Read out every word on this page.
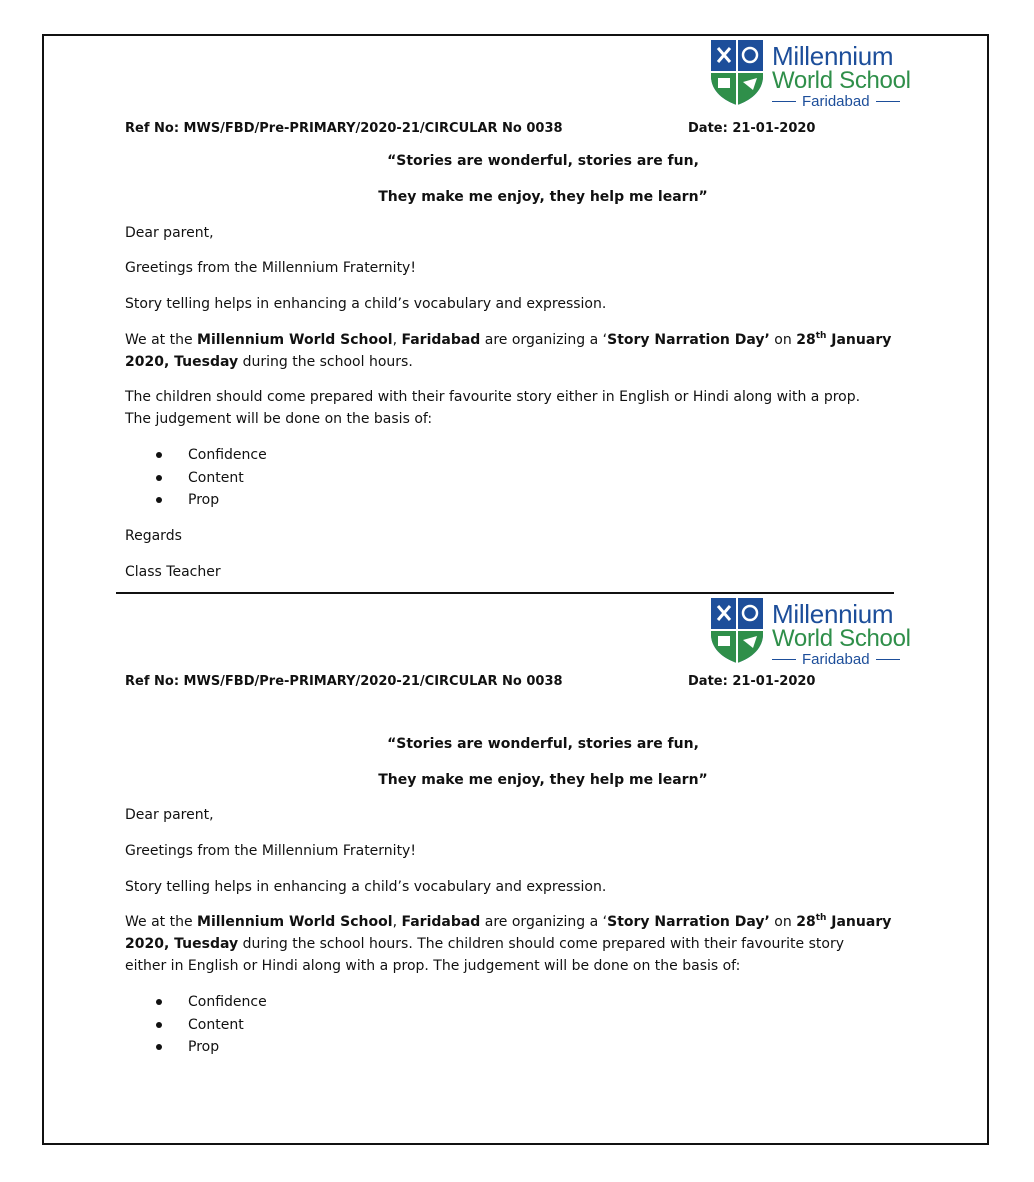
Millennium
World School
Faridabad
Ref No: MWS/FBD/Pre-PRIMARY/2020-21/CIRCULAR No 0038	Date: 21-01-2020
“Stories are wonderful, stories are fun,
They make me enjoy, they help me learn”
Dear parent,
Greetings from the Millennium Fraternity!
Story telling helps in enhancing a child’s vocabulary and expression.
We at the Millennium World School, Faridabad are organizing a ‘Story Narration Day’ on 28th January
2020, Tuesday during the school hours.
The children should come prepared with their favourite story either in English or Hindi along with a prop.
The judgement will be done on the basis of:
Confidence
Content
Prop
Regards
Class Teacher
Millennium
World School
Faridabad
Ref No: MWS/FBD/Pre-PRIMARY/2020-21/CIRCULAR No 0038	Date: 21-01-2020
“Stories are wonderful, stories are fun,
They make me enjoy, they help me learn”
Dear parent,
Greetings from the Millennium Fraternity!
Story telling helps in enhancing a child’s vocabulary and expression.
We at the Millennium World School, Faridabad are organizing a ‘Story Narration Day’ on 28th January
2020, Tuesday during the school hours. The children should come prepared with their favourite story
either in English or Hindi along with a prop. The judgement will be done on the basis of:
Confidence
Content
Prop
